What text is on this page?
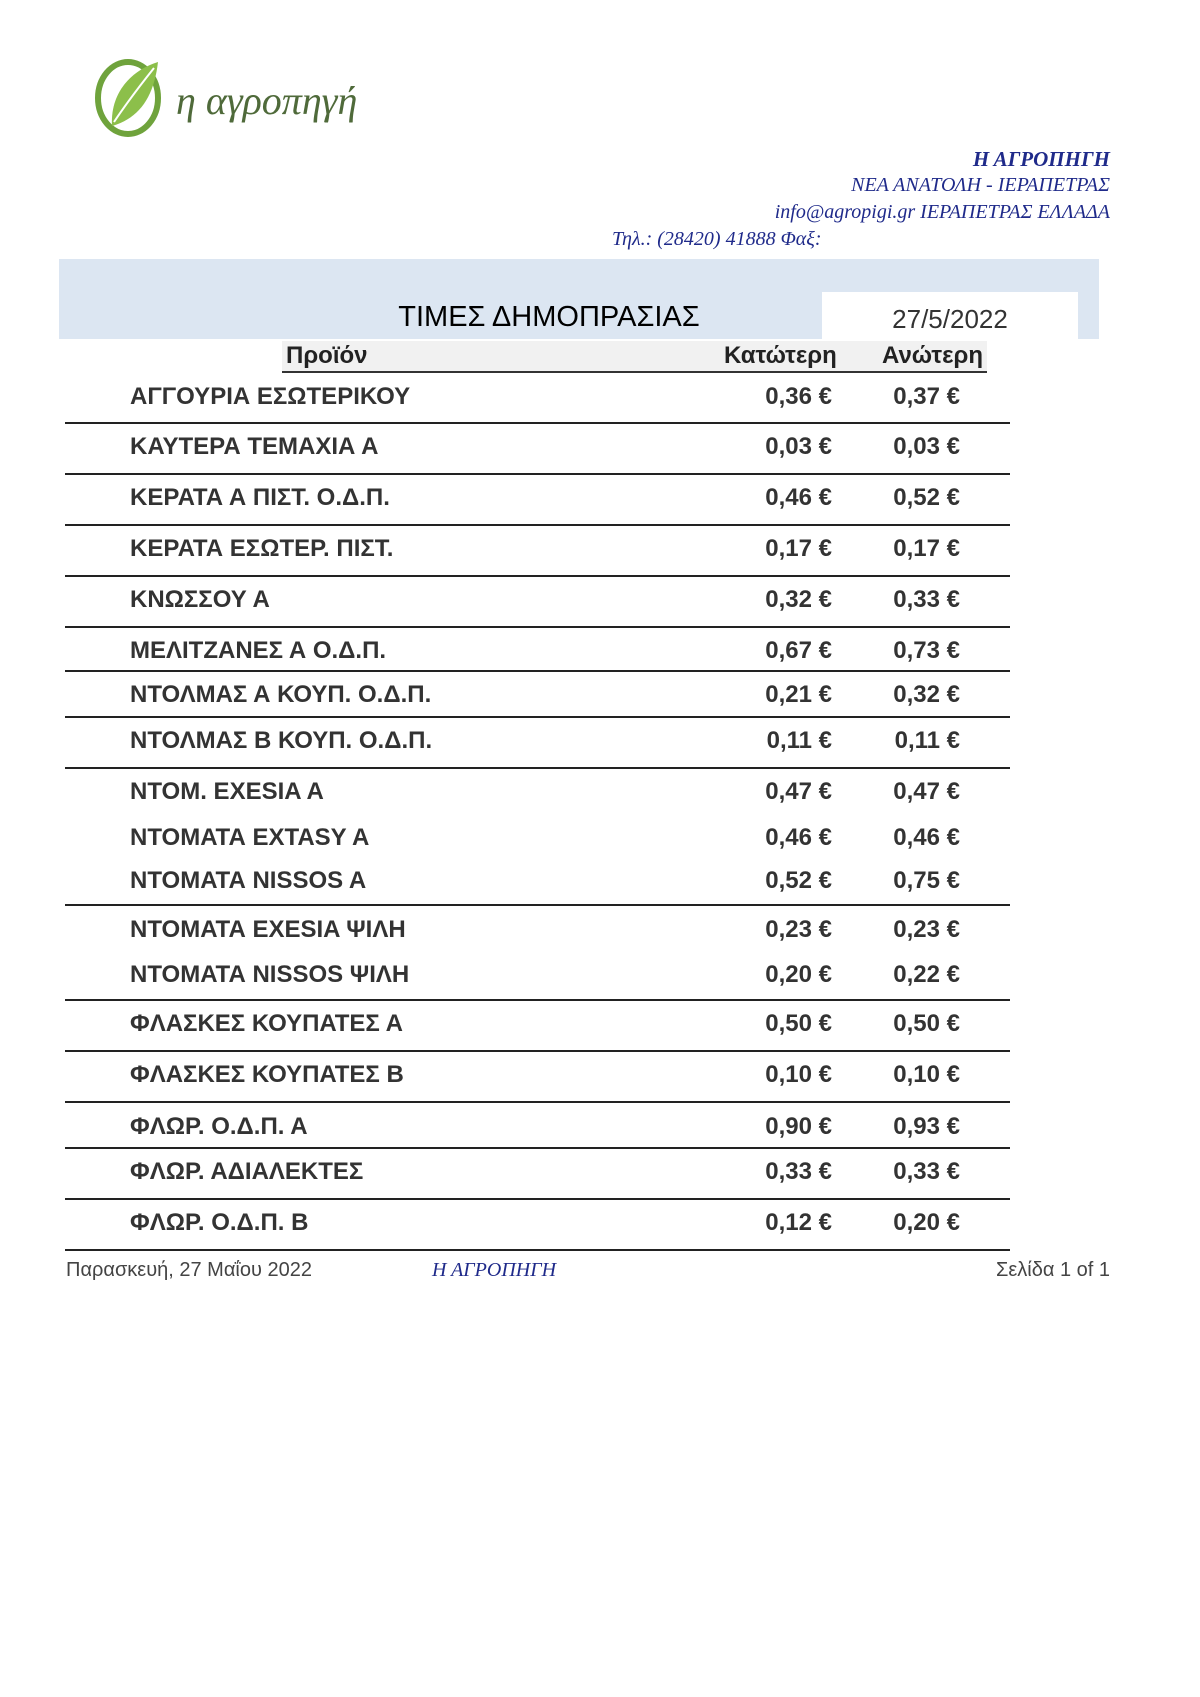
η αγροπηγή
Η ΑΓΡΟΠΗΓΗ
ΝΕΑ ΑΝΑΤΟΛΗ - ΙΕΡΑΠΕΤΡΑΣ
info@agropigi.gr ΙΕΡΑΠΕΤΡΑΣ ΕΛΛΑΔΑ
Τηλ.: (28420) 41888 Φαξ:
ΤΙΜΕΣ ΔΗΜΟΠΡΑΣΙΑΣ	27/5/2022
Προϊόν	Κατώτερη Ανώτερη
ΑΓΓΟΥΡΙΑ ΕΣΩΤΕΡΙΚΟΥ	0,36 €	0,37 €
ΚΑΥΤΕΡΑ ΤΕΜΑΧΙΑ Α	0,03 €	0,03 €
ΚΕΡΑΤΑ Α ΠΙΣΤ. Ο.Δ.Π.	0,46 €	0,52 €
ΚΕΡΑΤΑ ΕΣΩΤΕΡ. ΠΙΣΤ.	0,17 €	0,17 €
ΚΝΩΣΣΟΥ Α	0,32 €	0,33 €
ΜΕΛΙΤΖΑΝΕΣ Α Ο.Δ.Π.	0,67 €	0,73 €
ΝΤΟΛΜΑΣ Α ΚΟΥΠ. Ο.Δ.Π.	0,21 €	0,32 €
ΝΤΟΛΜΑΣ Β ΚΟΥΠ. Ο.Δ.Π.	0,11 €	0,11 €
ΝΤΟΜ. EXESIA A	0,47 €	0,47 €
ΝΤΟΜΑΤΑ EXTASY A	0,46 €	0,46 €
ΝΤΟΜΑΤΑ NISSOS A	0,52 €	0,75 €
ΝΤΟΜΑΤΑ EXESIA ΨΙΛΗ	0,23 €	0,23 €
ΝΤΟΜΑΤΑ NISSOS ΨΙΛΗ	0,20 €	0,22 €
ΦΛΑΣΚΕΣ ΚΟΥΠΑΤΕΣ Α	0,50 €	0,50 €
ΦΛΑΣΚΕΣ ΚΟΥΠΑΤΕΣ Β	0,10 €	0,10 €
ΦΛΩΡ. Ο.Δ.Π. Α	0,90 €	0,93 €
ΦΛΩΡ. ΑΔΙΑΛΕΚΤΕΣ	0,33 €	0,33 €
ΦΛΩΡ. Ο.Δ.Π. Β	0,12 €	0,20 €
Παρασκευή, 27 Μαΐου 2022	Η ΑΓΡΟΠΗΓΗ	Σελίδα 1 of 1
